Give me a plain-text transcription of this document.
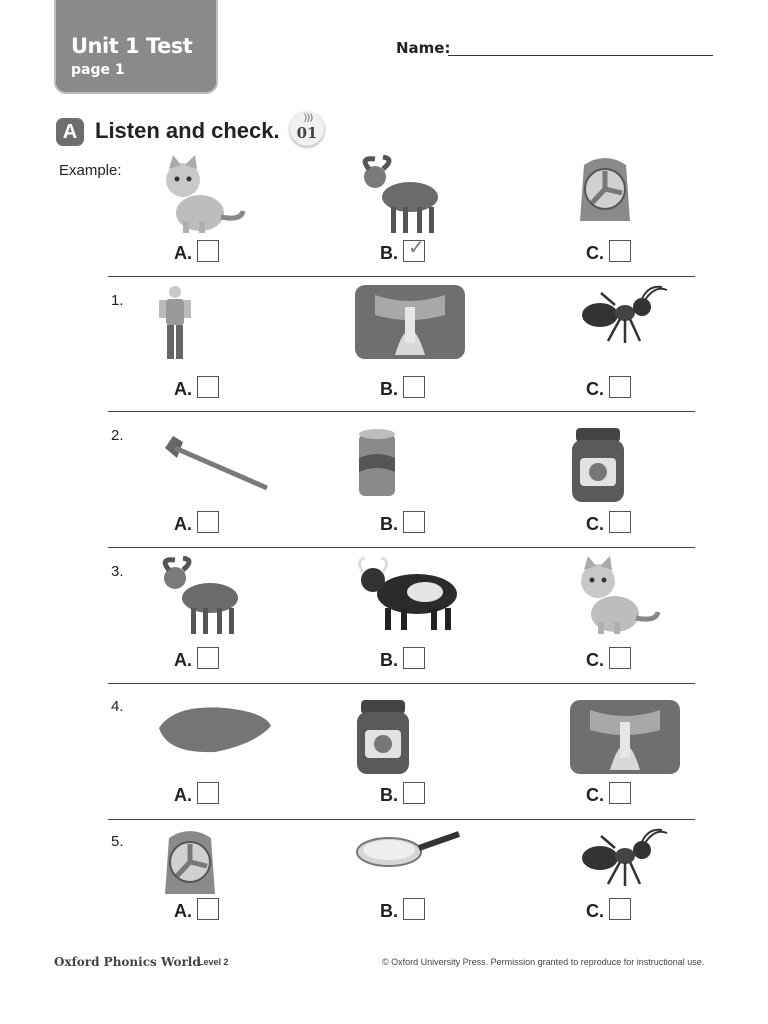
Unit 1 Test
page 1
Name:
A Listen and check.
)))
01
Example:
A.	B. ✓	C.
1.
A.	B.	C.
2.
A.	B.	C.
3.
A.	B.	C.
4.
A.	B.	C.
5.
A.	B.	C.
Oxford Phonics World
Level 2	© Oxford University Press. Permission granted to reproduce for instructional use.
